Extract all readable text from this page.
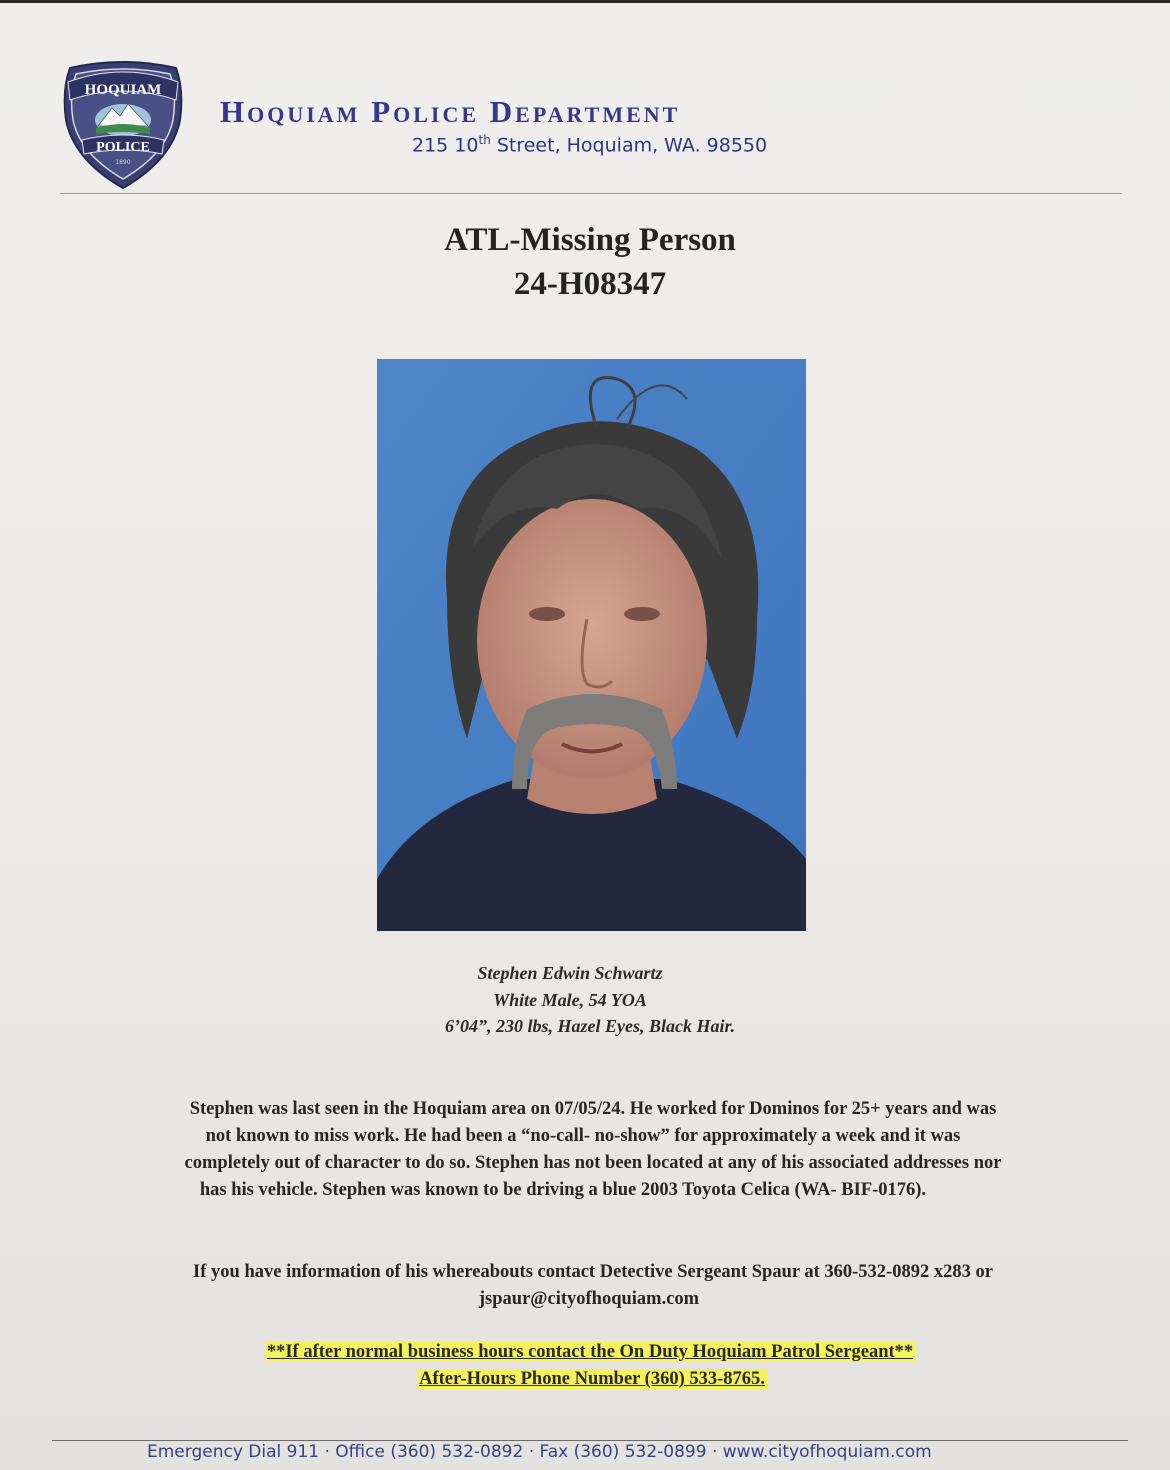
HOQUIAM
POLICE
1890
Hoquiam Police Department
215 10th Street, Hoquiam, WA. 98550
ATL-Missing Person
24-H08347
Stephen Edwin Schwartz
White Male, 54 YOA
6’04”, 230 lbs, Hazel Eyes, Black Hair.
Stephen was last seen in the Hoquiam area on 07/05/24. He worked for Dominos for 25+ years and was
not known to miss work. He had been a “no-call- no-show” for approximately a week and it was
completely out of character to do so. Stephen has not been located at any of his associated addresses nor
has his vehicle. Stephen was known to be driving a blue 2003 Toyota Celica (WA- BIF-0176).
If you have information of his whereabouts contact Detective Sergeant Spaur at 360-532-0892 x283 or
jspaur@cityofhoquiam.com
**If after normal business hours contact the On Duty Hoquiam Patrol Sergeant**
After-Hours Phone Number (360) 533-8765.
Emergency Dial 911 · Office (360) 532-0892 · Fax (360) 532-0899 · www.cityofhoquiam.com
